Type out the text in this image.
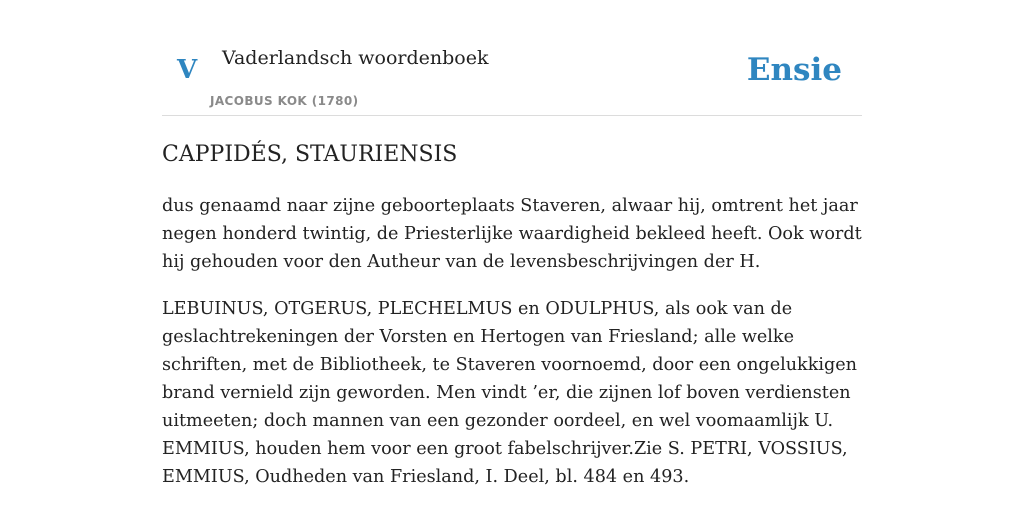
V Vaderlandsch woordenboek
JACOBUS KOK (1780)
Ensie
CAPPIDÉS, STAURIENSIS

dus genaamd naar zijne geboorteplaats Staveren, alwaar hij, omtrent het jaar negen honderd twintig, de Priesterlijke waardigheid bekleed heeft. Ook wordt hij gehouden voor den Autheur van de levensbeschrijvingen der H.

LEBUINUS, OTGERUS, PLECHELMUS en ODULPHUS, als ook van de geslachtrekeningen der Vorsten en Hertogen van Friesland; alle welke schriften, met de Bibliotheek, te Staveren voornoemd, door een ongelukkigen brand vernield zijn geworden. Men vindt ’er, die zijnen lof boven verdiensten uitmeeten; doch mannen van een gezonder oordeel, en wel voomaamlijk U. EMMIUS, houden hem voor een groot fabelschrijver.Zie S. PETRI, VOSSIUS, EMMIUS, Oudheden van Friesland, I. Deel, bl. 484 en 493.
